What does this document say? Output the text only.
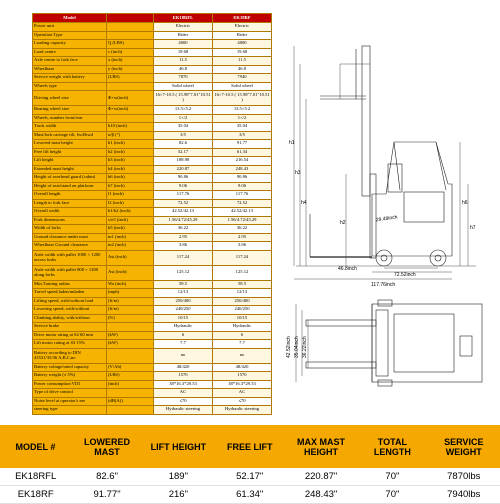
Model		EK18RFL	EK18RF
Power unit		Electric	Electric
Operation Type		Rider	Rider
Loading capacity	Q (LBS)	4000	4000
Load centre	c (inch)	19.68	19.68
Axle centre to fork face	x (inch)	11.5	11.5
Wheelbase	y (inch)	46.8	46.8
Service weight with battery	(LBS)	7870	7940
Wheels type		Solid wheel	Solid wheel
Driving wheel size	Φ×w(inch)	16×7-10.5 ( 15.98"7.01"10.51 )	16×7-10.5 ( 15.98"7.01"10.51 )
Bearing wheel size	Φ×w(inch)	13.5×5.2	13.5×5.2
Wheels, number front/rear		1×/2	1×/2
Track width	b10 (inch)	35.04	35.04
Mast/fork carriage tilt, fwd/bwd	α/β (°)	3/5	3/5
Lowered mast height	h1 (inch)	82.6	91.77
Free lift height	h2 (inch)	52.17	61.34
Lift height	h3 (inch)	188.98	216.54
Extended mast height	h4 (inch)	220.87	248.43
Height of overhead guard (cabin)	h6 (inch)	90.86	90.86
Height of seat/stand on platform	h7 (inch)	9.06	9.06
Overall length	l1 (inch)	117.76	117.76
Length to fork face	l2 (inch)	72.52	72.52
Overall width	b1/b2 (inch)	42.52/42.13	42.52/42.13
Fork dimensions	s/e/l (inch)	1.56/4.72/45.29	1.56/4.72/45.29
Width of forks	b5 (inch)	36.22	36.22
Ground clearance under mast	m1 (inch)	2.95	2.95
Wheelbase Ground clearance	m2 (inch)	3.86	3.86
Aisle width with pallet 1000 × 1200 across forks	Ast (inch)	117.24	117.24
Aisle width with pallet 800 × 1200 along forks	Ast (inch)	125.12	125.12
Min.Turning radius	Wa (inch)	58.5	58.5
Travel speed,laden/unladen	(mph)	12/13	12/13
Lifting speed, with/without load	(ft/m)	250/400	250/400
Lowering speed, with/without	(ft/m)	240/250	240/250
Climbing ability, with/without	(%)	10/15	10/15
Service brake		Hydraulic	Hydraulic
Drive motor rating at S2 60 min	(kW)	6	6
Lift motor rating at S3 15%	(kW)	7.7	7.7
Battery according to DIN 43531/35/36 A,B,C,no		no	no
Battery voltage/rated capacity	(V/Ah)	48/420	48/420
Battery weight (± 5%)	(LBS)	1570	1570
Power consumption VDI	(inch)	38*16.3*29.53	38*16.3*29.53
Type of drive control		AC	AC
Noise level at operator's ear	(dB(A))	≤70	≤70
steering type		Hydraulic steering	Hydraulic steering
117.76inch
72.52inch
46.8inch
29.48inch
h1
h3
h4	h6
h7
h2
42.52inch 35.04inch 36.22inch
MODEL #	LOWERED MAST	LIFT HEIGHT	FREE LIFT	MAX MAST HEIGHT	TOTAL LENGTH	SERVICE WEIGHT
EK18RFL	82.6"	189"	52.17"	220.87"	70"	7870lbs
EK18RF	91.77"	216"	61.34"	248.43"	70"	7940lbs
